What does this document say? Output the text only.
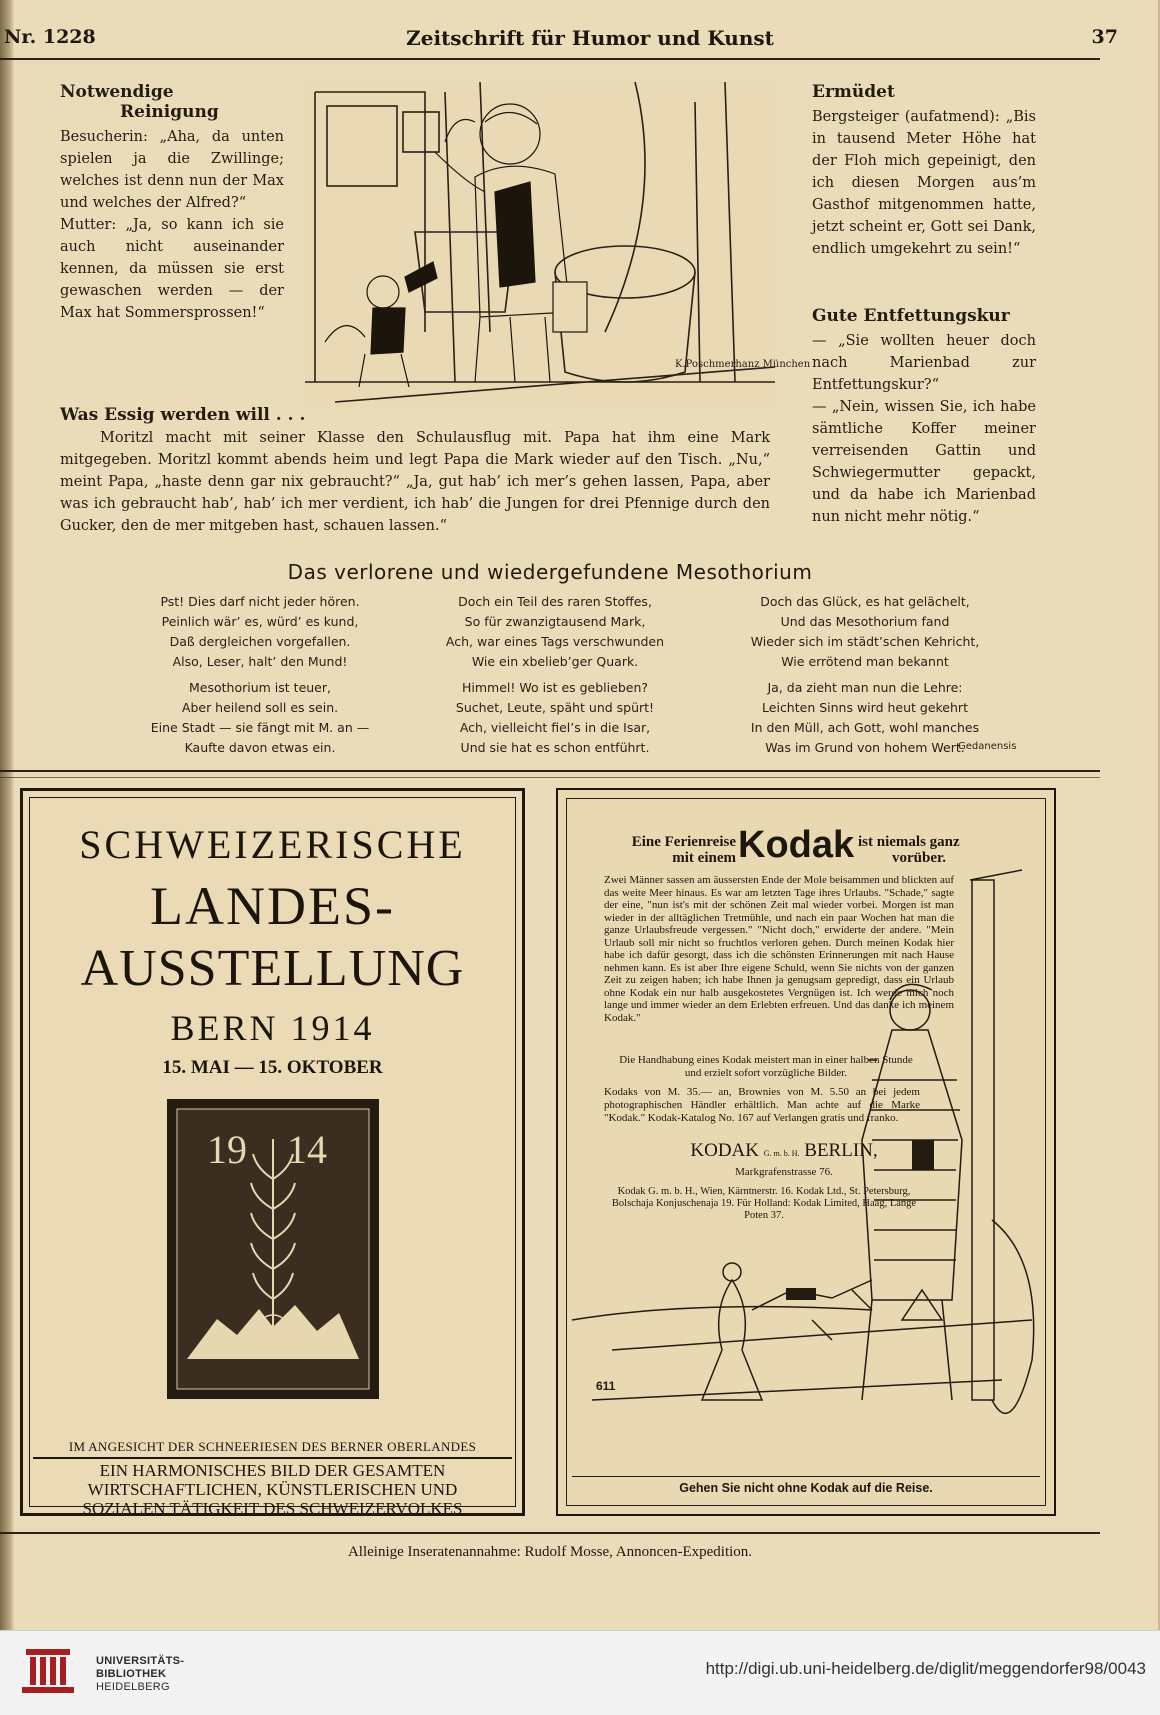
Nr. 1228	Zeitschrift für Humor und Kunst	37
Notwendige
Reinigung
Besucherin: „Aha, da unten spielen ja die Zwillinge; welches ist denn nun der Max und welches der Alfred?“
Mutter: „Ja, so kann ich sie auch nicht auseinander kennen, da müssen sie erst gewaschen werden — der Max hat Sommersprossen!“
K.Poschmerhanz München
Was Essig werden will . . .
Moritzl macht mit seiner Klasse den Schulausflug mit. Papa hat ihm eine Mark mitgegeben. Moritzl kommt abends heim und legt Papa die Mark wieder auf den Tisch. „Nu,“ meint Papa, „haste denn gar nix gebraucht?“ „Ja, gut hab’ ich mer’s gehen lassen, Papa, aber was ich gebraucht hab’, hab’ ich mer verdient, ich hab’ die Jungen for drei Pfennige durch den Gucker, den de mer mitgeben hast, schauen lassen.“
Ermüdet
Bergsteiger (aufatmend): „Bis in tausend Meter Höhe hat der Floh mich gepeinigt, den ich diesen Morgen aus’m Gasthof mitgenommen hatte, jetzt scheint er, Gott sei Dank, endlich umgekehrt zu sein!“
Gute Entfettungskur
— „Sie wollten heuer doch nach Marienbad zur Entfettungskur?“
— „Nein, wissen Sie, ich habe sämtliche Koffer meiner verreisenden Gattin und Schwiegermutter gepackt, und da habe ich Marienbad nun nicht mehr nötig.“
Das verlorene und wiedergefundene Mesothorium
Pst! Dies darf nicht jeder hören.
Peinlich wär’ es, würd’ es kund,
Daß dergleichen vorgefallen.
Also, Leser, halt’ den Mund!
Mesothorium ist teuer,
Aber heilend soll es sein.
Eine Stadt — sie fängt mit M. an —
Kaufte davon etwas ein.
Doch ein Teil des raren Stoffes,
So für zwanzigtausend Mark,
Ach, war eines Tags verschwunden
Wie ein xbelieb’ger Quark.
Himmel! Wo ist es geblieben?
Suchet, Leute, späht und spürt!
Ach, vielleicht fiel’s in die Isar,
Und sie hat es schon entführt.
Doch das Glück, es hat gelächelt,
Und das Mesothorium fand
Wieder sich im städt’schen Kehricht,
Wie errötend man bekannt
Ja, da zieht man nun die Lehre:
Leichten Sinns wird heut gekehrt
In den Müll, ach Gott, wohl manches
Was im Grund von hohem Wert.
Gedanensis
SCHWEIZERISCHE
LANDES-
AUSSTELLUNG
BERN 1914
15. MAI — 15. OKTOBER
19 14
IM ANGESICHT DER SCHNEERIESEN DES BERNER OBERLANDES
EIN HARMONISCHES BILD DER GESAMTEN
WIRTSCHAFTLICHEN, KÜNSTLERISCHEN UND
SOZIALEN TÄTIGKEIT DES SCHWEIZERVOLKES
Eine Ferienreise
mit einem Kodak ist niemals ganz
vorüber.
Zwei Männer sassen am äussersten Ende der Mole beisammen und blickten auf das weite Meer hinaus. Es war am letzten Tage ihres Urlaubs. "Schade," sagte der eine, "nun ist's mit der schönen Zeit mal wieder vorbei. Morgen ist man wieder in der alltäglichen Tretmühle, und nach ein paar Wochen hat man die ganze Urlaubsfreude vergessen." "Nicht doch," erwiderte der andere. "Mein Urlaub soll mir nicht so fruchtlos verloren gehen. Durch meinen Kodak hier habe ich dafür gesorgt, dass ich die schönsten Erinnerungen mit nach Hause nehmen kann. Es ist aber Ihre eigene Schuld, wenn Sie nichts von der ganzen Zeit zu zeigen haben; ich habe Ihnen ja genugsam gepredigt, dass ein Urlaub ohne Kodak ein nur halb ausgekostetes Vergnügen ist. Ich werde mich noch lange und immer wieder an dem Erlebten erfreuen. Und das danke ich meinem Kodak."
Die Handhabung eines Kodak meistert man in einer halben Stunde und erzielt sofort vorzügliche Bilder.
Kodaks von M. 35.— an, Brownies von M. 5.50 an bei jedem photographischen Händler erhältlich. Man achte auf die Marke "Kodak." Kodak-Katalog No. 167 auf Verlangen gratis und franko.
KODAK G. m. b. H. BERLIN,
Markgrafenstrasse 76.
Kodak G. m. b. H., Wien, Kärntnerstr. 16. Kodak Ltd., St. Petersburg, Bolschaja Konjuschenaja 19. Für Holland: Kodak Limited, Haag, Lange Poten 37.
611
Gehen Sie nicht ohne Kodak auf die Reise.
Alleinige Inseratenannahme: Rudolf Mosse, Annoncen-Expedition.
UNIVERSITÄTS-
BIBLIOTHEK
HEIDELBERG
http://digi.ub.uni-heidelberg.de/diglit/meggendorfer98/0043
